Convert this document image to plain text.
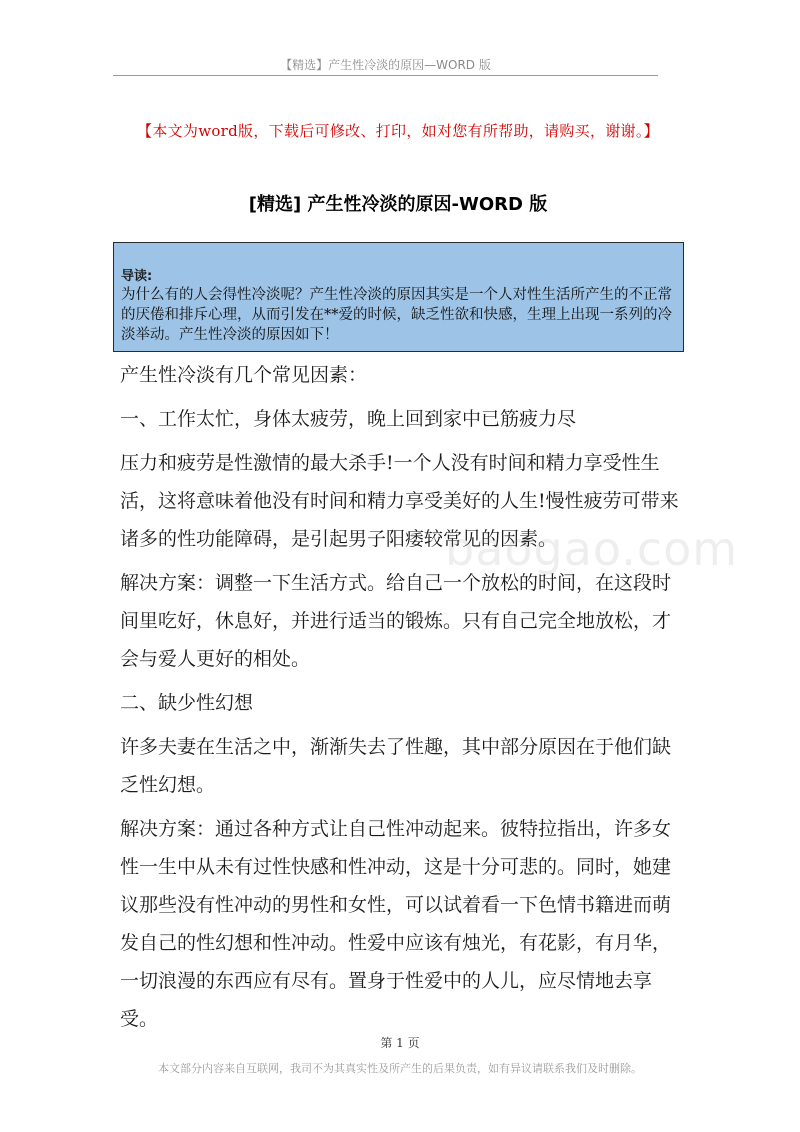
【精选】产生性冷淡的原因—WORD 版
【本文为word版，下载后可修改、打印，如对您有所帮助，请购买，谢谢。】
[精选] 产生性冷淡的原因-WORD 版
导读:
为什么有的人会得性冷淡呢？产生性冷淡的原因其实是一个人对性生活所产生的不正常的厌倦和排斥心理，从而引发在**爱的时候，缺乏性欲和快感，生理上出现一系列的冷淡举动。产生性冷淡的原因如下！

产生性冷淡有几个常见因素：

一、工作太忙，身体太疲劳，晚上回到家中已筋疲力尽

压力和疲劳是性激情的最大杀手!一个人没有时间和精力享受性生活，这将意味着他没有时间和精力享受美好的人生!慢性疲劳可带来诸多的性功能障碍，是引起男子阳痿较常见的因素。

解决方案：调整一下生活方式。给自己一个放松的时间，在这段时间里吃好，休息好，并进行适当的锻炼。只有自己完全地放松，才会与爱人更好的相处。

二、缺少性幻想

许多夫妻在生活之中，渐渐失去了性趣，其中部分原因在于他们缺乏性幻想。

解决方案：通过各种方式让自己性冲动起来。彼特拉指出，许多女性一生中从未有过性快感和性冲动，这是十分可悲的。同时，她建议那些没有性冲动的男性和女性，可以试着看一下色情书籍进而萌发自己的性幻想和性冲动。性爱中应该有烛光，有花影，有月华，一切浪漫的东西应有尽有。置身于性爱中的人儿，应尽情地去享受。

baogao.com
第 1 页
本文部分内容来自互联网，我司不为其真实性及所产生的后果负责，如有异议请联系我们及时删除。
